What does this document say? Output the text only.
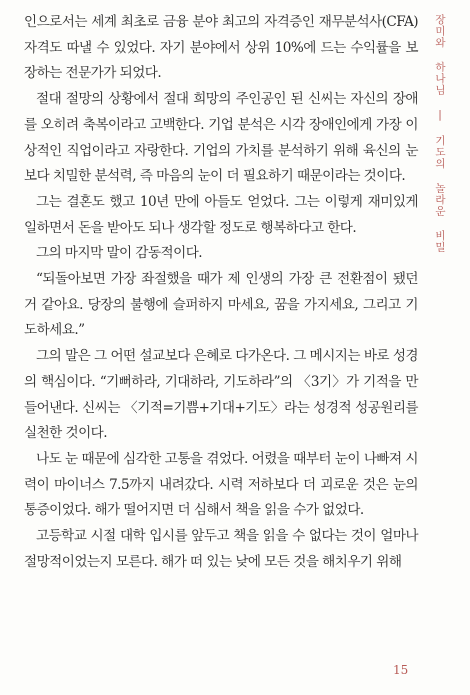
인으로서는 세계 최초로 금융 분야 최고의 자격증인 재무분석사(CFA) 자격도 따낼 수 있었다. 자기 분야에서 상위 10%에 드는 수익률을 보장하는 전문가가 되었다.

절대 절망의 상황에서 절대 희망의 주인공인 된 신씨는 자신의 장애를 오히려 축복이라고 고백한다. 기업 분석은 시각 장애인에게 가장 이상적인 직업이라고 자랑한다. 기업의 가치를 분석하기 위해 육신의 눈보다 치밀한 분석력, 즉 마음의 눈이 더 필요하기 때문이라는 것이다.

그는 결혼도 했고 10년 만에 아들도 얻었다. 그는 이렇게 재미있게 일하면서 돈을 받아도 되나 생각할 정도로 행복하다고 한다.

그의 마지막 말이 감동적이다.

“되돌아보면 가장 좌절했을 때가 제 인생의 가장 큰 전환점이 됐던 거 같아요. 당장의 불행에 슬퍼하지 마세요, 꿈을 가지세요, 그리고 기도하세요.”

그의 말은 그 어떤 설교보다 은혜로 다가온다. 그 메시지는 바로 성경의 핵심이다. “기뻐하라, 기대하라, 기도하라”의 〈3기〉가 기적을 만들어낸다. 신씨는 〈기적=기쁨+기대+기도〉라는 성경적 성공원리를 실천한 것이다.

나도 눈 때문에 심각한 고통을 겪었다. 어렸을 때부터 눈이 나빠져 시력이 마이너스 7.5까지 내려갔다. 시력 저하보다 더 괴로운 것은 눈의 통증이었다. 해가 떨어지면 더 심해서 책을 읽을 수가 없었다.

고등학교 시절 대학 입시를 앞두고 책을 읽을 수 없다는 것이 얼마나 절망적이었는지 모른다. 해가 떠 있는 낮에 모든 것을 해치우기 위해

장미와 하나님 | 기도의 놀라운 비밀
15
